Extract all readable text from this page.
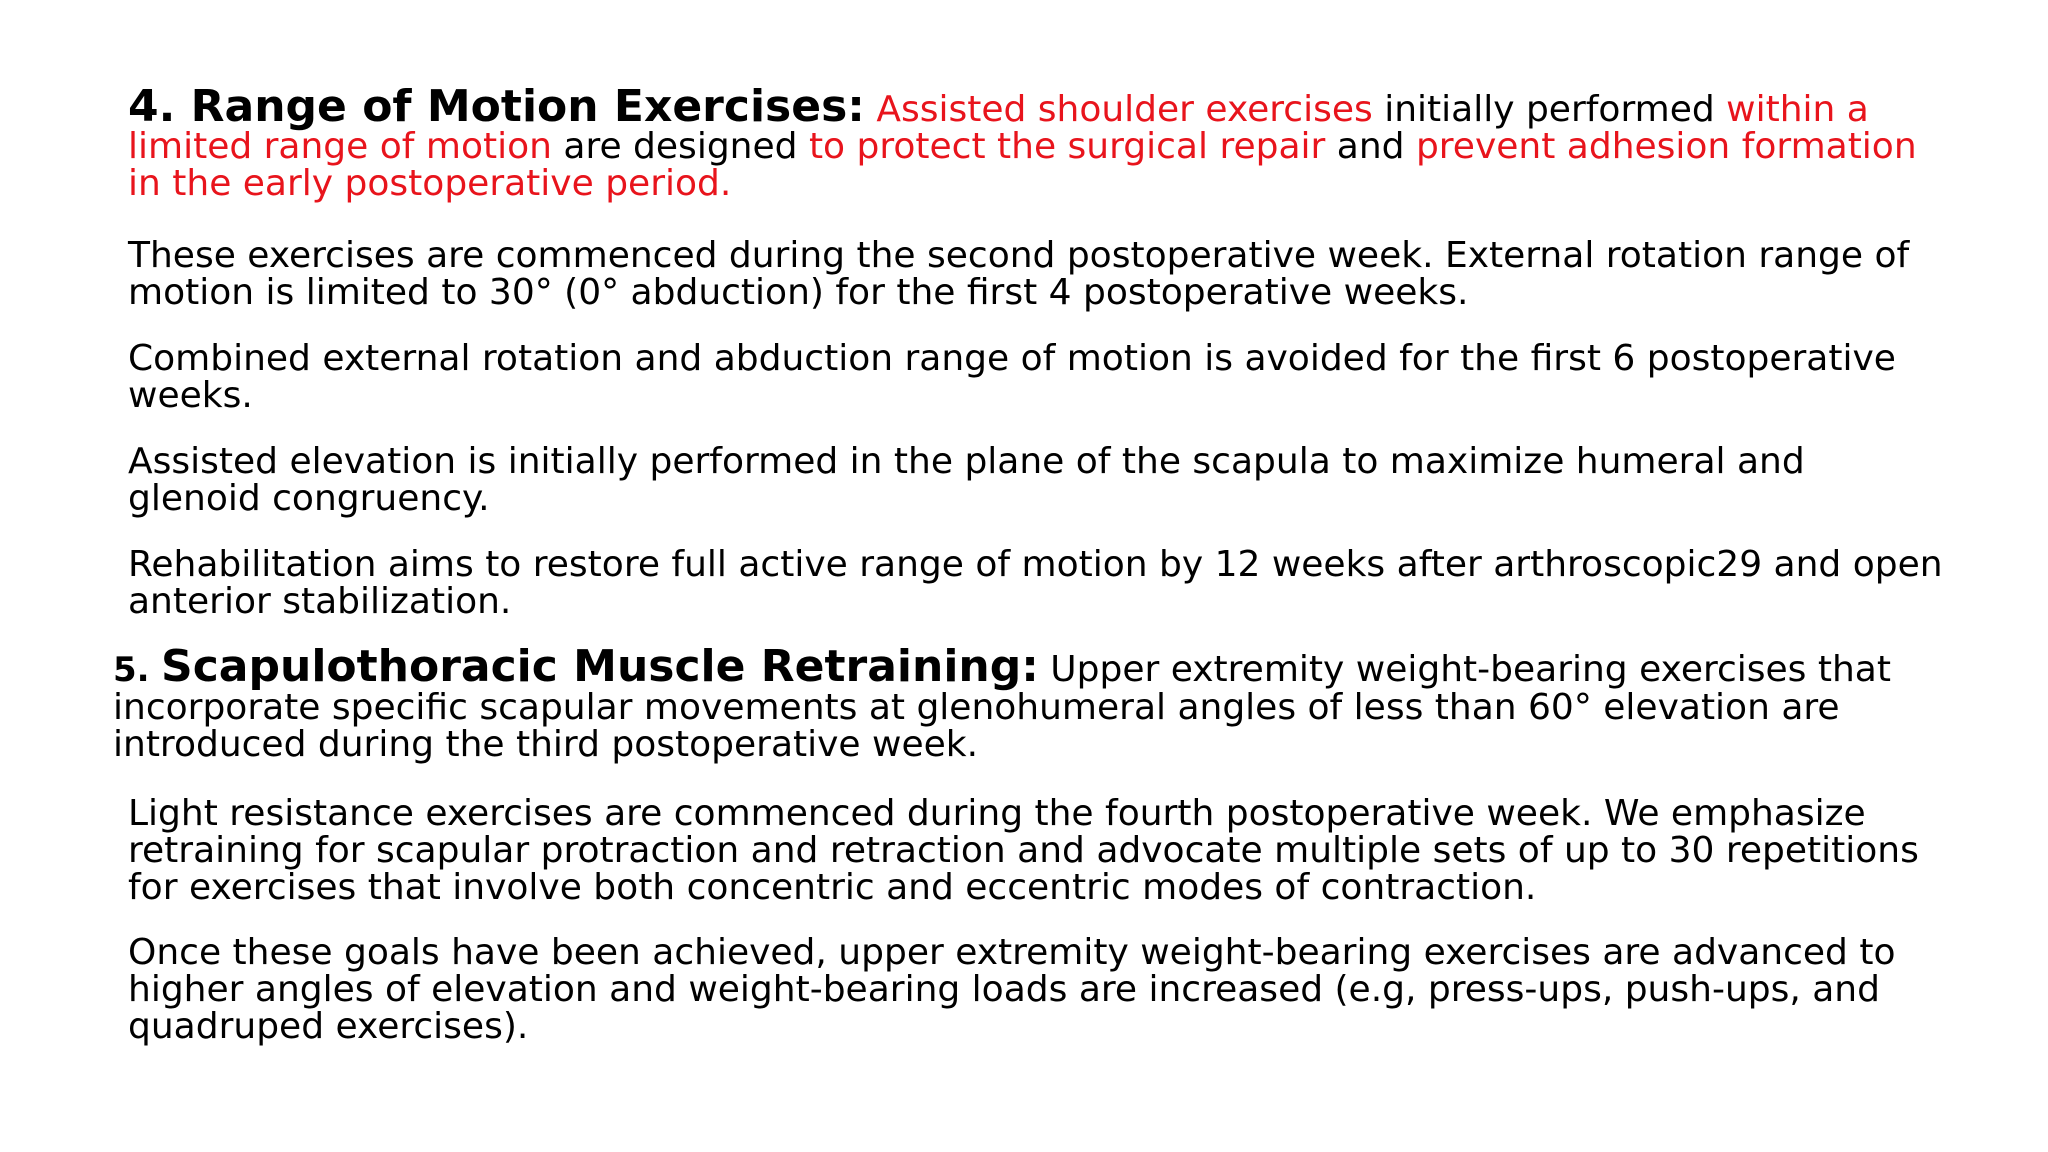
4. Range of Motion Exercises: Assisted shoulder exercises initially performed within a limited range of motion are designed to protect the surgical repair and prevent adhesion formation in the early postoperative period.
These exercises are commenced during the second postoperative week. External rotation range of motion is limited to 30° (0° abduction) for the first 4 postoperative weeks.
Combined external rotation and abduction range of motion is avoided for the first 6 postoperative weeks.
Assisted elevation is initially performed in the plane of the scapula to maximize humeral and glenoid congruency.
Rehabilitation aims to restore full active range of motion by 12 weeks after arthroscopic29 and open anterior stabilization.
5. Scapulothoracic Muscle Retraining: Upper extremity weight-bearing exercises that incorporate specific scapular movements at glenohumeral angles of less than 60° elevation are introduced during the third postoperative week.
Light resistance exercises are commenced during the fourth postoperative week. We emphasize retraining for scapular protraction and retraction and advocate multiple sets of up to 30 repetitions for exercises that involve both concentric and eccentric modes of contraction.
Once these goals have been achieved, upper extremity weight-bearing exercises are advanced to higher angles of elevation and weight-bearing loads are increased (e.g, press-ups, push-ups, and quadruped exercises).
